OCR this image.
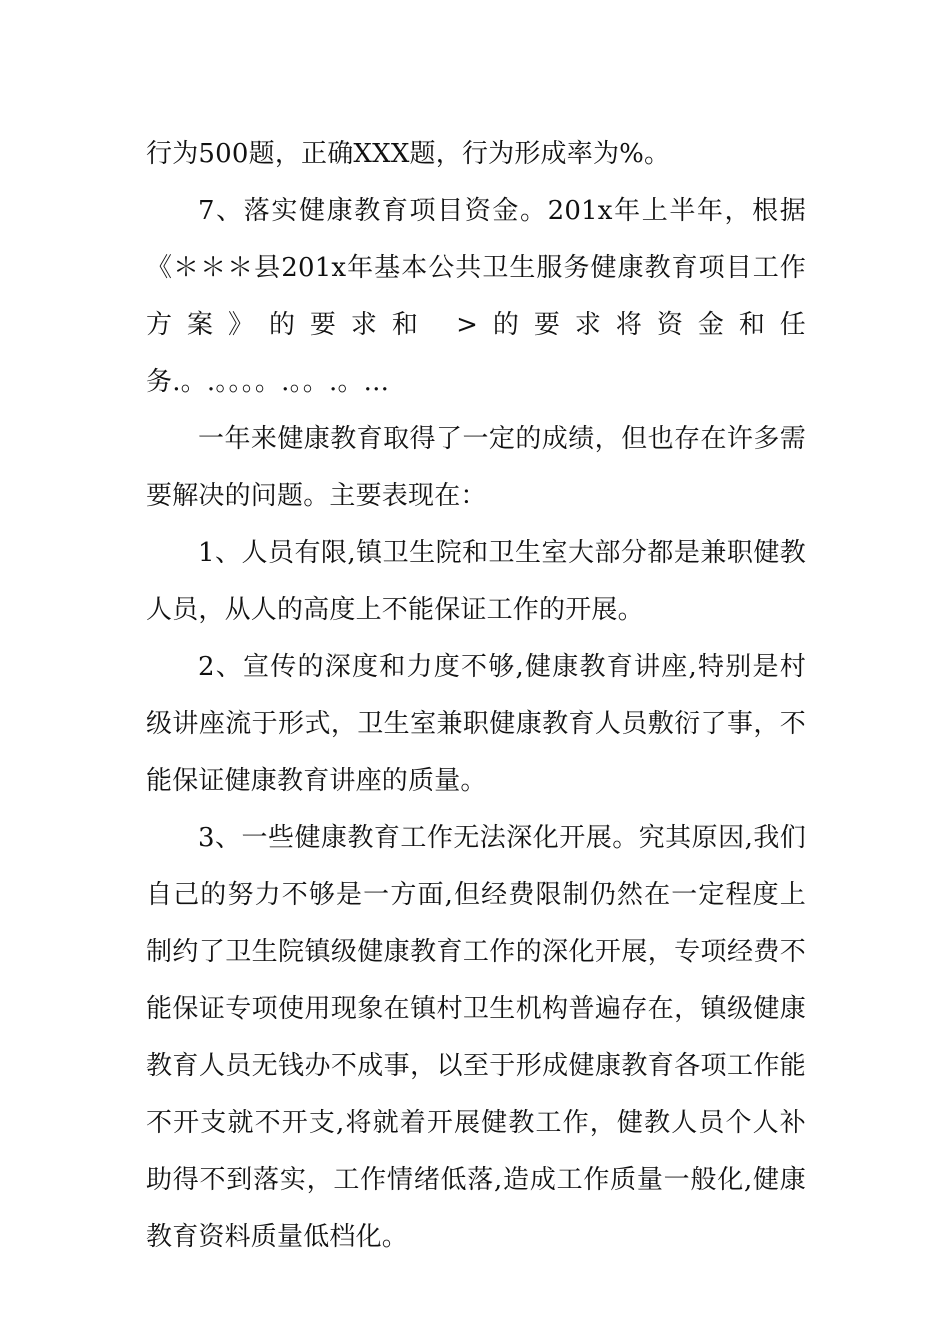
行为500题，正确XXX题，行为形成率为%。

7、落实健康教育项目资金。201x年上半年，根据《＊＊＊县201x年基本公共卫生服务健康教育项目工作方案》的要求和 >的要求将资金和任务.。.。。。。.。。.。...

一年来健康教育取得了一定的成绩，但也存在许多需要解决的问题。主要表现在：

1、人员有限,镇卫生院和卫生室大部分都是兼职健教人员，从人的高度上不能保证工作的开展。

2、宣传的深度和力度不够,健康教育讲座,特别是村级讲座流于形式，卫生室兼职健康教育人员敷衍了事，不能保证健康教育讲座的质量。

3、一些健康教育工作无法深化开展。究其原因,我们自己的努力不够是一方面,但经费限制仍然在一定程度上制约了卫生院镇级健康教育工作的深化开展，专项经费不能保证专项使用现象在镇村卫生机构普遍存在，镇级健康教育人员无钱办不成事，以至于形成健康教育各项工作能不开支就不开支,将就着开展健教工作，健教人员个人补助得不到落实，工作情绪低落,造成工作质量一般化,健康教育资料质量低档化。
